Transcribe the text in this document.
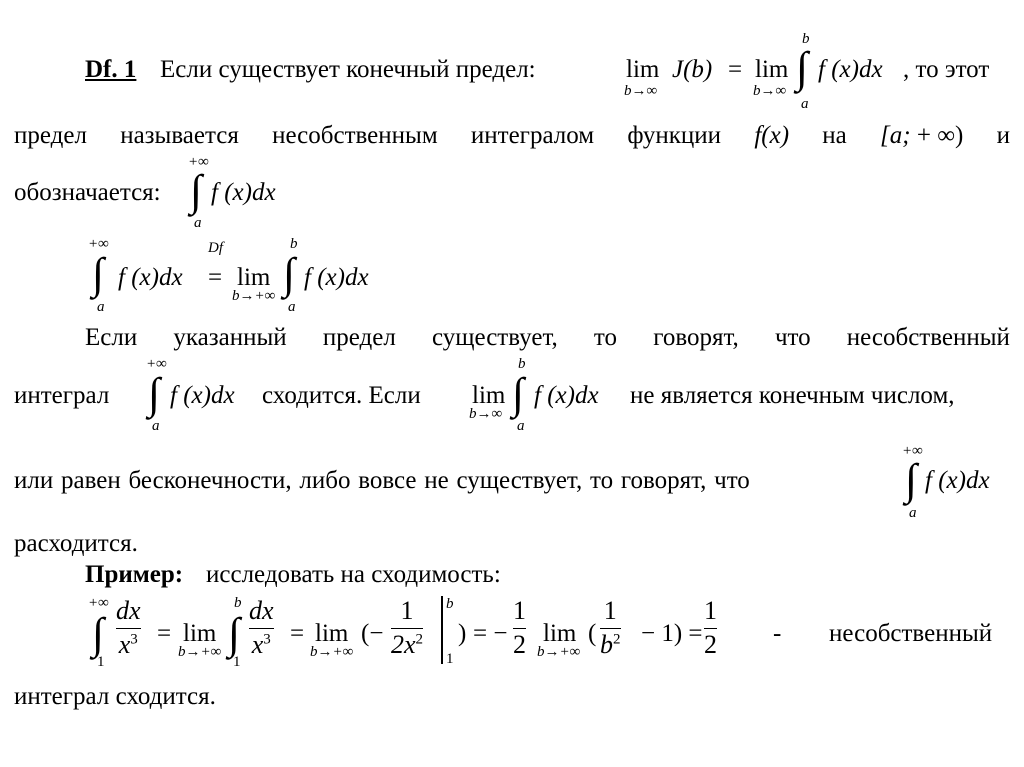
Df. 1 Если существует конечный предел:	lim
b→∞
J(b) = lim
b→∞
b
∫
a
f (x)dx , то этот
предел называется несобственным интегралом функции f(x) на [a; + ∞) и
обозначается:
+∞
∫
a
f (x)dx
+∞
∫
a
f (x)dx
Df
= lim
b→+∞
b
∫
a
f (x)dx
Если указанный предел существует, то говорят, что несобственный
интеграл
+∞
∫
a
f (x)dx сходится. Если lim
b→∞
b
∫
a
f (x)dx не является конечным числом,
или равен бесконечности, либо вовсе не существует, то говорят, что
+∞
∫
a
f (x)dx
расходится.
Пример: исследовать на сходимость:
+∞
∫
1
dx
$x^3 = \lim$
b→+∞
b
∫
1
dx
$x^3 = \lim$
b→+∞
(−
1
$2x^2$
b
1
) = −
1
2 lim
b→+∞
(
1
$b^2 - 1$) =
1
2 - несобственный
интеграл сходится.
